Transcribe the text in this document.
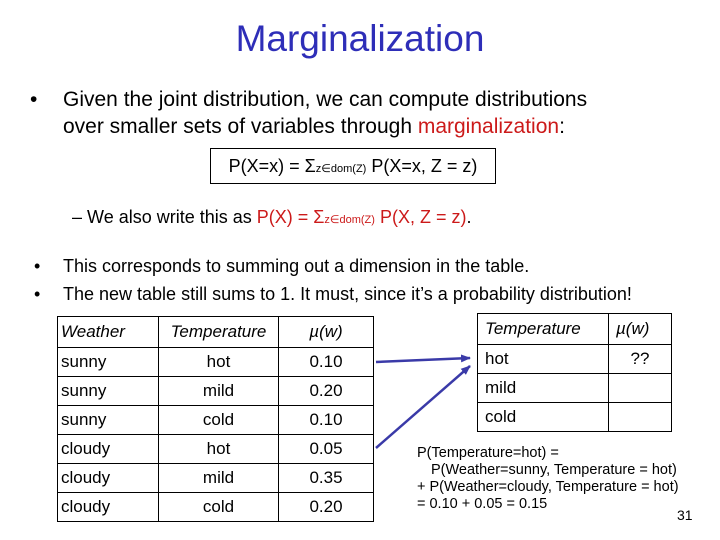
Marginalization
• Given the joint distribution, we can compute distributions
over smaller sets of variables through marginalization:
P(X=x) = Σz∈dom(Z) P(X=x, Z = z)
– We also write this as P(X) = Σz∈dom(Z) P(X, Z = z).
• This corresponds to summing out a dimension in the table.
• The new table still sums to 1. It must, since it’s a probability distribution!
Weather	Temperature	µ(w)
sunny	hot	0.10
sunny	mild	0.20
sunny	cold	0.10
cloudy	hot	0.05
cloudy	mild	0.35
cloudy	cold	0.20
Temperature	µ(w)
hot	??
mild	
cold	
P(Temperature=hot) =
P(Weather=sunny, Temperature = hot)
+ P(Weather=cloudy, Temperature = hot)
= 0.10 + 0.05 = 0.15
31
